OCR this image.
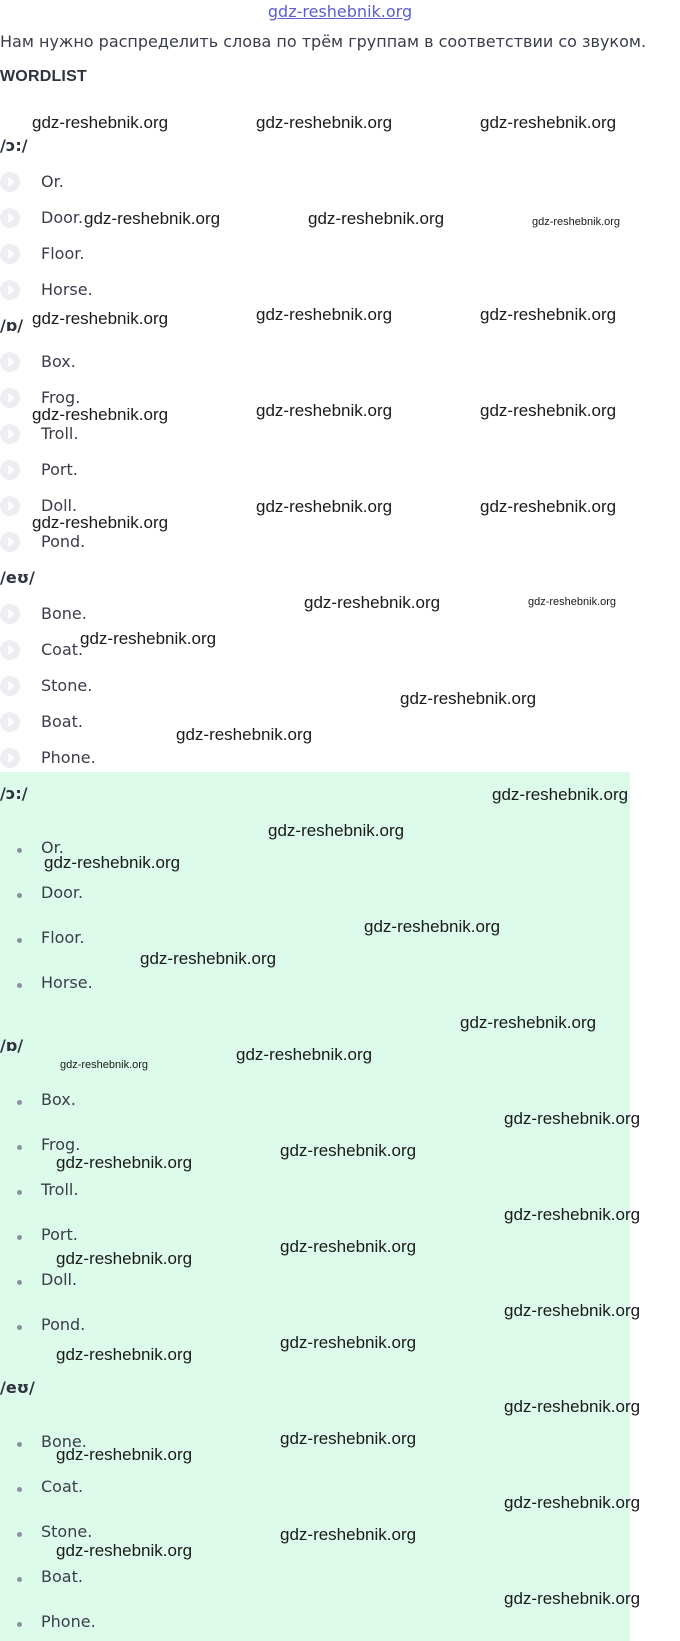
gdz-reshebnik.org
Нам нужно распределить слова по трём группам в соответствии со звуком.
WORDLIST
/ɔ:/
Or.
Door.
Floor.
Horse.
/ɒ/
Box.
Frog.
Troll.
Port.
Doll.
Pond.
/eʊ/
Bone.
Coat.
Stone.
Boat.
Phone.
/ɔ:/
Or.
Door.
Floor.
Horse.
/ɒ/
Box.
Frog.
Troll.
Port.
Doll.
Pond.
/eʊ/
Bone.
Coat.
Stone.
Boat.
Phone.
gdz-reshebnik.org	gdz-reshebnik.org	gdz-reshebnik.org
gdz-reshebnik.org	gdz-reshebnik.org	gdz-reshebnik.org
gdz-reshebnik.org	gdz-reshebnik.org	gdz-reshebnik.org
gdz-reshebnik.org	gdz-reshebnik.org	gdz-reshebnik.org
gdz-reshebnik.org
gdz-reshebnik.org	gdz-reshebnik.org
gdz-reshebnik.org	gdz-reshebnik.org
gdz-reshebnik.org
gdz-reshebnik.org
gdz-reshebnik.org
gdz-reshebnik.org
gdz-reshebnik.org
gdz-reshebnik.org
gdz-reshebnik.org
gdz-reshebnik.org
gdz-reshebnik.org
gdz-reshebnik.org
gdz-reshebnik.org
gdz-reshebnik.org
gdz-reshebnik.org
gdz-reshebnik.org
gdz-reshebnik.org
gdz-reshebnik.org
gdz-reshebnik.org
gdz-reshebnik.org
gdz-reshebnik.org
gdz-reshebnik.org
gdz-reshebnik.org
gdz-reshebnik.org
gdz-reshebnik.org
gdz-reshebnik.org
gdz-reshebnik.org
gdz-reshebnik.org
gdz-reshebnik.org
